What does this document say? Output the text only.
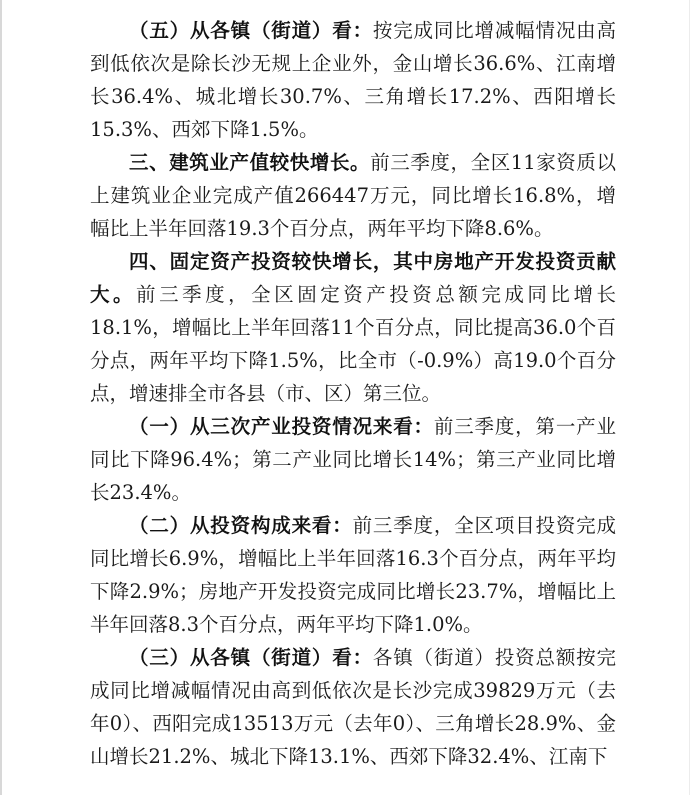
（五）从各镇（街道）看：按完成同比增减幅情况由高到低依次是除长沙无规上企业外，金山增长36.6%、江南增长36.4%、城北增长30.7%、三角增长17.2%、西阳增长15.3%、西郊下降1.5%。

三、建筑业产值较快增长。前三季度，全区11家资质以上建筑业企业完成产值266447万元，同比增长16.8%，增幅比上半年回落19.3个百分点，两年平均下降8.6%。

四、固定资产投资较快增长，其中房地产开发投资贡献大。前三季度，全区固定资产投资总额完成同比增长18.1%，增幅比上半年回落11个百分点，同比提高36.0个百分点，两年平均下降1.5%，比全市（-0.9%）高19.0个百分点，增速排全市各县（市、区）第三位。

（一）从三次产业投资情况来看：前三季度，第一产业同比下降96.4%；第二产业同比增长14%；第三产业同比增长23.4%。

（二）从投资构成来看：前三季度，全区项目投资完成同比增长6.9%，增幅比上半年回落16.3个百分点，两年平均下降2.9%；房地产开发投资完成同比增长23.7%，增幅比上半年回落8.3个百分点，两年平均下降1.0%。

（三）从各镇（街道）看：各镇（街道）投资总额按完成同比增减幅情况由高到低依次是长沙完成39829万元（去年0）、西阳完成13513万元（去年0）、三角增长28.9%、金山增长21.2%、城北下降13.1%、西郊下降32.4%、江南下
